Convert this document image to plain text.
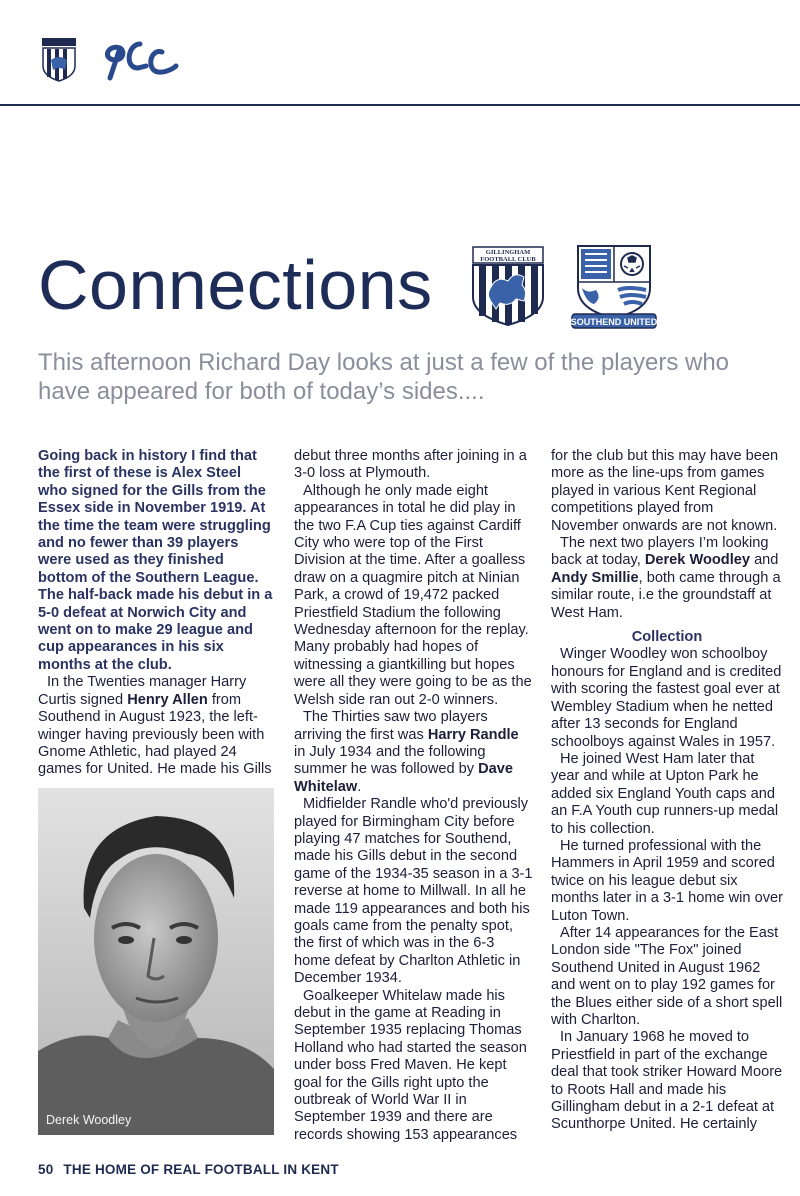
Connections	GILLINGHAM
FOOTBALL CLUB
SOUTHEND UNITED

This afternoon Richard Day looks at just a few of the players who have appeared for both of today’s sides....

Going back in history I find that the first of these is Alex Steel who signed for the Gills from the Essex side in November 1919. At the time the team were struggling and no fewer than 39 players were used as they finished bottom of the Southern League. The half-back made his debut in a 5-0 defeat at Norwich City and went on to make 29 league and cup appearances in his six months at the club.

In the Twenties manager Harry Curtis signed Henry Allen from Southend in August 1923, the left-winger having previously been with Gnome Athletic, had played 24 games for United. He made his Gills

Derek Woodley

debut three months after joining in a 3-0 loss at Plymouth.

Although he only made eight appearances in total he did play in the two F.A Cup ties against Cardiff City who were top of the First Division at the time. After a goalless draw on a quagmire pitch at Ninian Park, a crowd of 19,472 packed Priestfield Stadium the following Wednesday afternoon for the replay. Many probably had hopes of witnessing a giantkilling but hopes were all they were going to be as the Welsh side ran out 2-0 winners.

The Thirties saw two players arriving the first was Harry Randle in July 1934 and the following summer he was followed by Dave Whitelaw.

Midfielder Randle who'd previously played for Birmingham City before playing 47 matches for Southend, made his Gills debut in the second game of the 1934-35 season in a 3-1 reverse at home to Millwall. In all he made 119 appearances and both his goals came from the penalty spot, the first of which was in the 6-3 home defeat by Charlton Athletic in December 1934.

Goalkeeper Whitelaw made his debut in the game at Reading in September 1935 replacing Thomas Holland who had started the season under boss Fred Maven. He kept goal for the Gills right upto the outbreak of World War II in September 1939 and there are records showing 153 appearances

for the club but this may have been more as the line-ups from games played in various Kent Regional competitions played from November onwards are not known.

The next two players I’m looking back at today, Derek Woodley and Andy Smillie, both came through a similar route, i.e the groundstaff at West Ham.

Collection

Winger Woodley won schoolboy honours for England and is credited with scoring the fastest goal ever at Wembley Stadium when he netted after 13 seconds for England schoolboys against Wales in 1957.

He joined West Ham later that year and while at Upton Park he added six England Youth caps and an F.A Youth cup runners-up medal to his collection.

He turned professional with the Hammers in April 1959 and scored twice on his league debut six months later in a 3-1 home win over Luton Town.

After 14 appearances for the East London side "The Fox" joined Southend United in August 1962 and went on to play 192 games for the Blues either side of a short spell with Charlton.

In January 1968 he moved to Priestfield in part of the exchange deal that took striker Howard Moore to Roots Hall and made his Gillingham debut in a 2-1 defeat at Scunthorpe United. He certainly

50 THE HOME OF REAL FOOTBALL IN KENT
